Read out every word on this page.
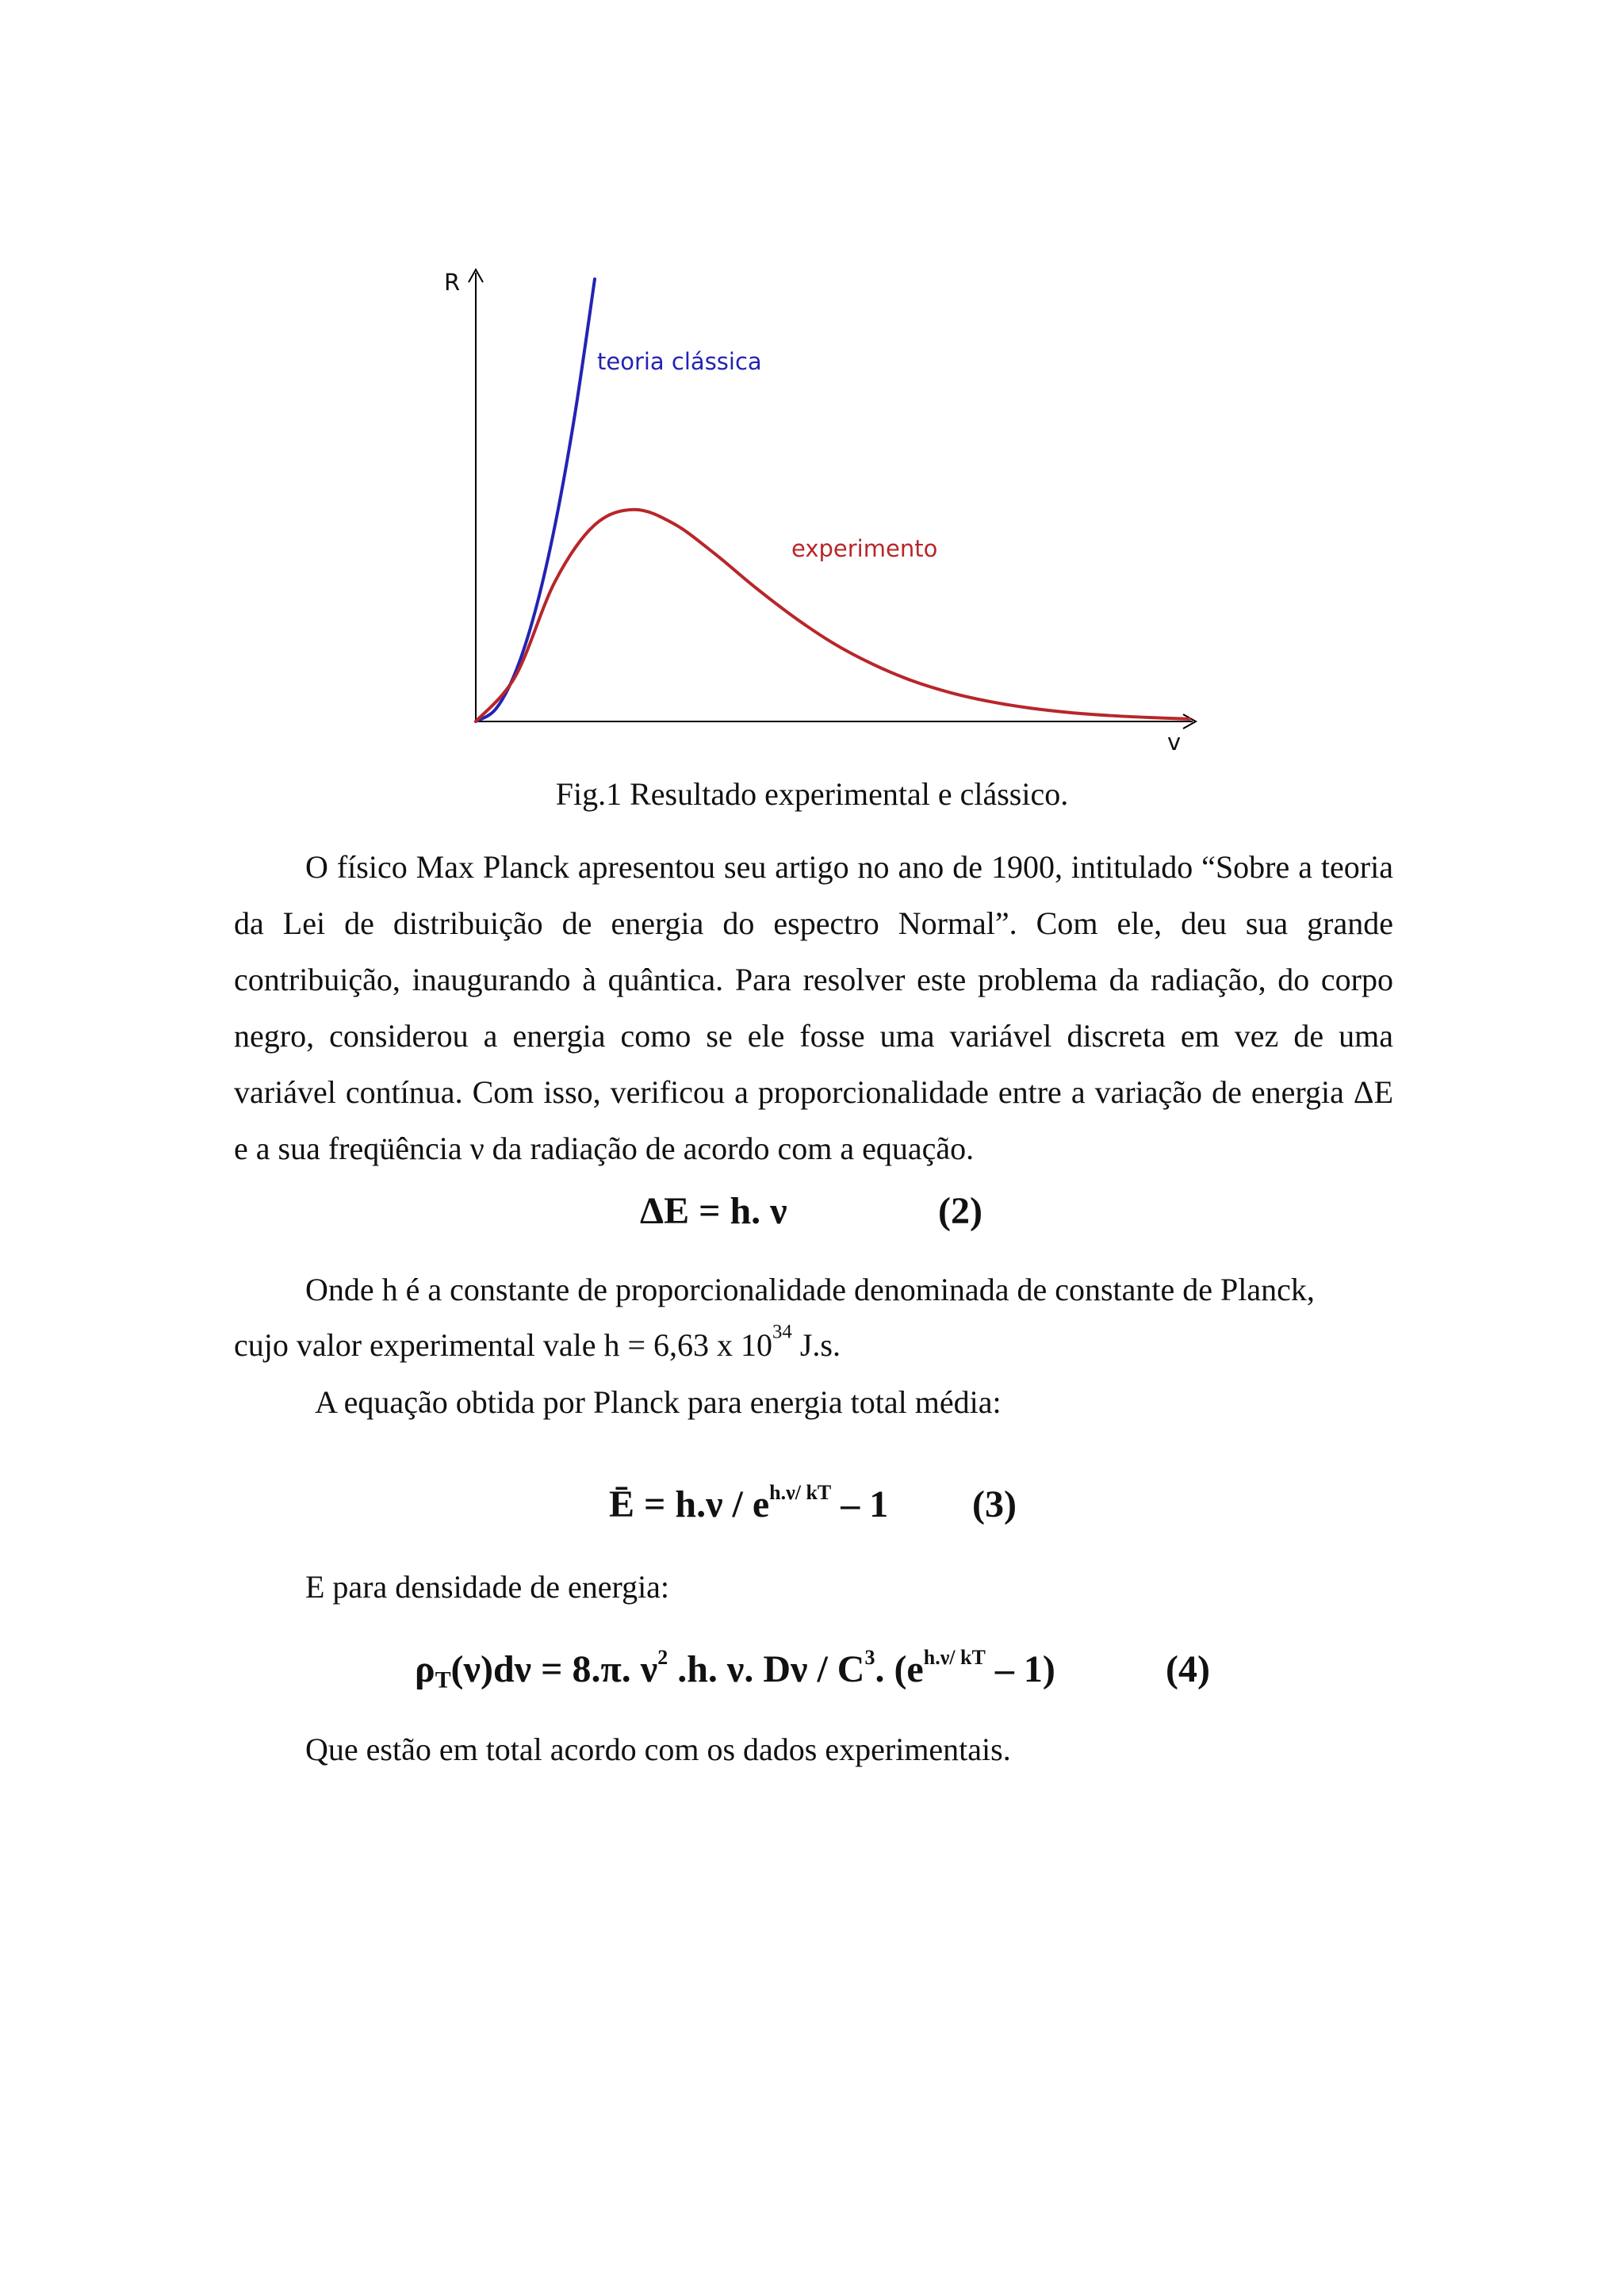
R
v
teoria clássica
experimento
Fig.1 Resultado experimental e clássico.
O físico Max Planck apresentou seu artigo no ano de 1900, intitulado “Sobre a teoria da Lei de distribuição de energia do espectro Normal”. Com ele, deu sua grande contribuição, inaugurando à quântica. Para resolver este problema da radiação, do corpo negro, considerou a energia como se ele fosse uma variável discreta em vez de uma variável contínua. Com isso, verificou a proporcionalidade entre a variação de energia ΔE e a sua freqüência ν da radiação de acordo com a equação.
ΔE = h. ν	(2)
Onde h é a constante de proporcionalidade denominada de constante de Planck,
cujo valor experimental vale h = 6,63 x $10^{34}$ J.s.
A equação obtida por Planck para energia total média:
Ē = $h.\nu / e^{h.\nu/ kT} - 1$ (3)
E para densidade de energia:
$\rho_T(\nu)d\nu = 8.\pi$. $\nu^2$ .h. ν. Dν / $C^3$. $(e^{h.\nu/ kT} - 1)$	(4)
Que estão em total acordo com os dados experimentais.
